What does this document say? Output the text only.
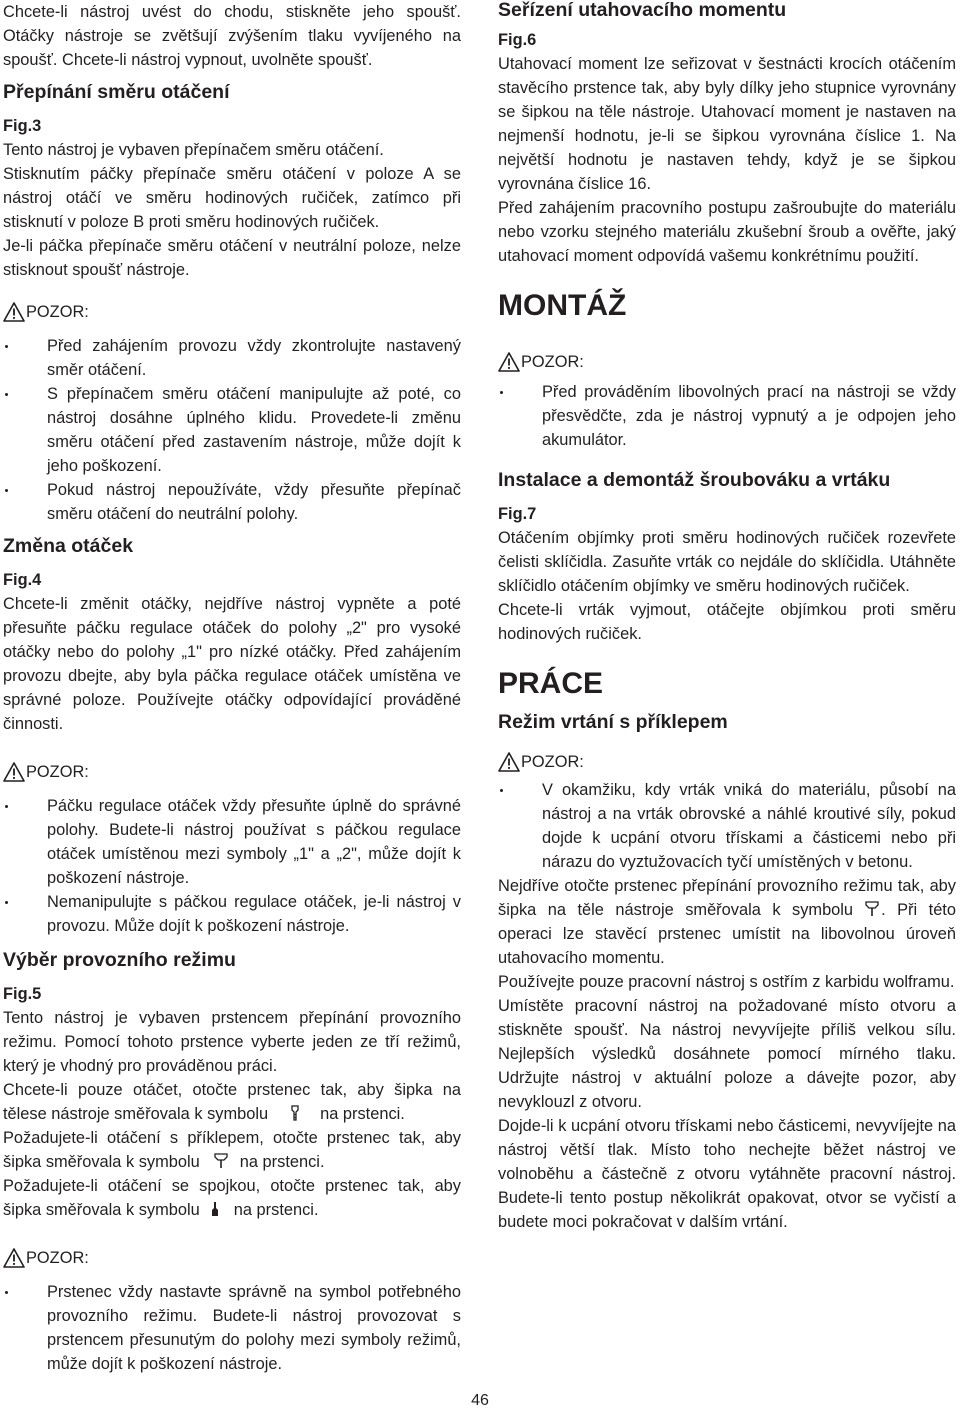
Chcete-li nástroj uvést do chodu, stiskněte jeho spoušť. Otáčky nástroje se zvětšují zvýšením tlaku vyvíjeného na spoušť. Chcete-li nástroj vypnout, uvolněte spoušť.

Přepínání směru otáčení

Fig.3

Tento nástroj je vybaven přepínačem směru otáčení.

Stisknutím páčky přepínače směru otáčení v poloze A se nástroj otáčí ve směru hodinových ručiček, zatímco při stisknutí v poloze B proti směru hodinových ručiček.

Je-li páčka přepínače směru otáčení v neutrální poloze, nelze stisknout spoušť nástroje.

POZOR:
Před zahájením provozu vždy zkontrolujte nastavený směr otáčení.
S přepínačem směru otáčení manipulujte až poté, co nástroj dosáhne úplného klidu. Provedete-li změnu směru otáčení před zastavením nástroje, může dojít k jeho poškození.
Pokud nástroj nepoužíváte, vždy přesuňte přepínač směru otáčení do neutrální polohy.
Změna otáček

Fig.4

Chcete-li změnit otáčky, nejdříve nástroj vypněte a poté přesuňte páčku regulace otáček do polohy „2" pro vysoké otáčky nebo do polohy „1" pro nízké otáčky. Před zahájením provozu dbejte, aby byla páčka regulace otáček umístěna ve správné poloze. Používejte otáčky odpovídající prováděné činnosti.

POZOR:
Páčku regulace otáček vždy přesuňte úplně do správné polohy. Budete-li nástroj používat s páčkou regulace otáček umístěnou mezi symboly „1" a „2", může dojít k poškození nástroje.
Nemanipulujte s páčkou regulace otáček, je-li nástroj v provozu. Může dojít k poškození nástroje.
Výběr provozního režimu

Fig.5

Tento nástroj je vybaven prstencem přepínání provozního režimu. Pomocí tohoto prstence vyberte jeden ze tří režimů, který je vhodný pro prováděnou práci.

Chcete-li pouze otáčet, otočte prstenec tak, aby šipka na tělese nástroje směřovala k symbolu	na prstenci.

Požadujete-li otáčení s příklepem, otočte prstenec tak, aby šipka směřovala k symbolu na prstenci.

Požadujete-li otáčení se spojkou, otočte prstenec tak, aby šipka směřovala k symbolu na prstenci.

POZOR:
Prstenec vždy nastavte správně na symbol potřebného provozního režimu. Budete-li nástroj provozovat s prstencem přesunutým do polohy mezi symboly režimů, může dojít k poškození nástroje.
Seřízení utahovacího momentu

Fig.6

Utahovací moment lze seřizovat v šestnácti krocích otáčením stavěcího prstence tak, aby byly dílky jeho stupnice vyrovnány se šipkou na těle nástroje. Utahovací moment je nastaven na nejmenší hodnotu, je-li se šipkou vyrovnána číslice 1. Na největší hodnotu je nastaven tehdy, když je se šipkou vyrovnána číslice 16.

Před zahájením pracovního postupu zašroubujte do materiálu nebo vzorku stejného materiálu zkušební šroub a ověřte, jaký utahovací moment odpovídá vašemu konkrétnímu použití.

MONTÁŽ
POZOR:
Před prováděním libovolných prací na nástroji se vždy přesvědčte, zda je nástroj vypnutý a je odpojen jeho akumulátor.
Instalace a demontáž šroubováku a vrtáku

Fig.7

Otáčením objímky proti směru hodinových ručiček rozevřete čelisti sklíčidla. Zasuňte vrták co nejdále do sklíčidla. Utáhněte sklíčidlo otáčením objímky ve směru hodinových ručiček.

Chcete-li vrták vyjmout, otáčejte objímkou proti směru hodinových ručiček.

PRÁCE
Režim vrtání s příklepem
POZOR:
V okamžiku, kdy vrták vniká do materiálu, působí na nástroj a na vrták obrovské a náhlé kroutivé síly, pokud dojde k ucpání otvoru třískami a částicemi nebo při nárazu do vyztužovacích tyčí umístěných v betonu.

Nejdříve otočte prstenec přepínání provozního režimu tak, aby šipka na těle nástroje směřovala k symbolu . Při této operaci lze stavěcí prstenec umístit na libovolnou úroveň utahovacího momentu.

Používejte pouze pracovní nástroj s ostřím z karbidu wolframu.

Umístěte pracovní nástroj na požadované místo otvoru a stiskněte spoušť. Na nástroj nevyvíjejte příliš velkou sílu. Nejlepších výsledků dosáhnete pomocí mírného tlaku. Udržujte nástroj v aktuální poloze a dávejte pozor, aby nevyklouzl z otvoru.

Dojde-li k ucpání otvoru třískami nebo částicemi, nevyvíjejte na nástroj větší tlak. Místo toho nechejte běžet nástroj ve volnoběhu a částečně z otvoru vytáhněte pracovní nástroj. Budete-li tento postup několikrát opakovat, otvor se vyčistí a budete moci pokračovat v dalším vrtání.

46
